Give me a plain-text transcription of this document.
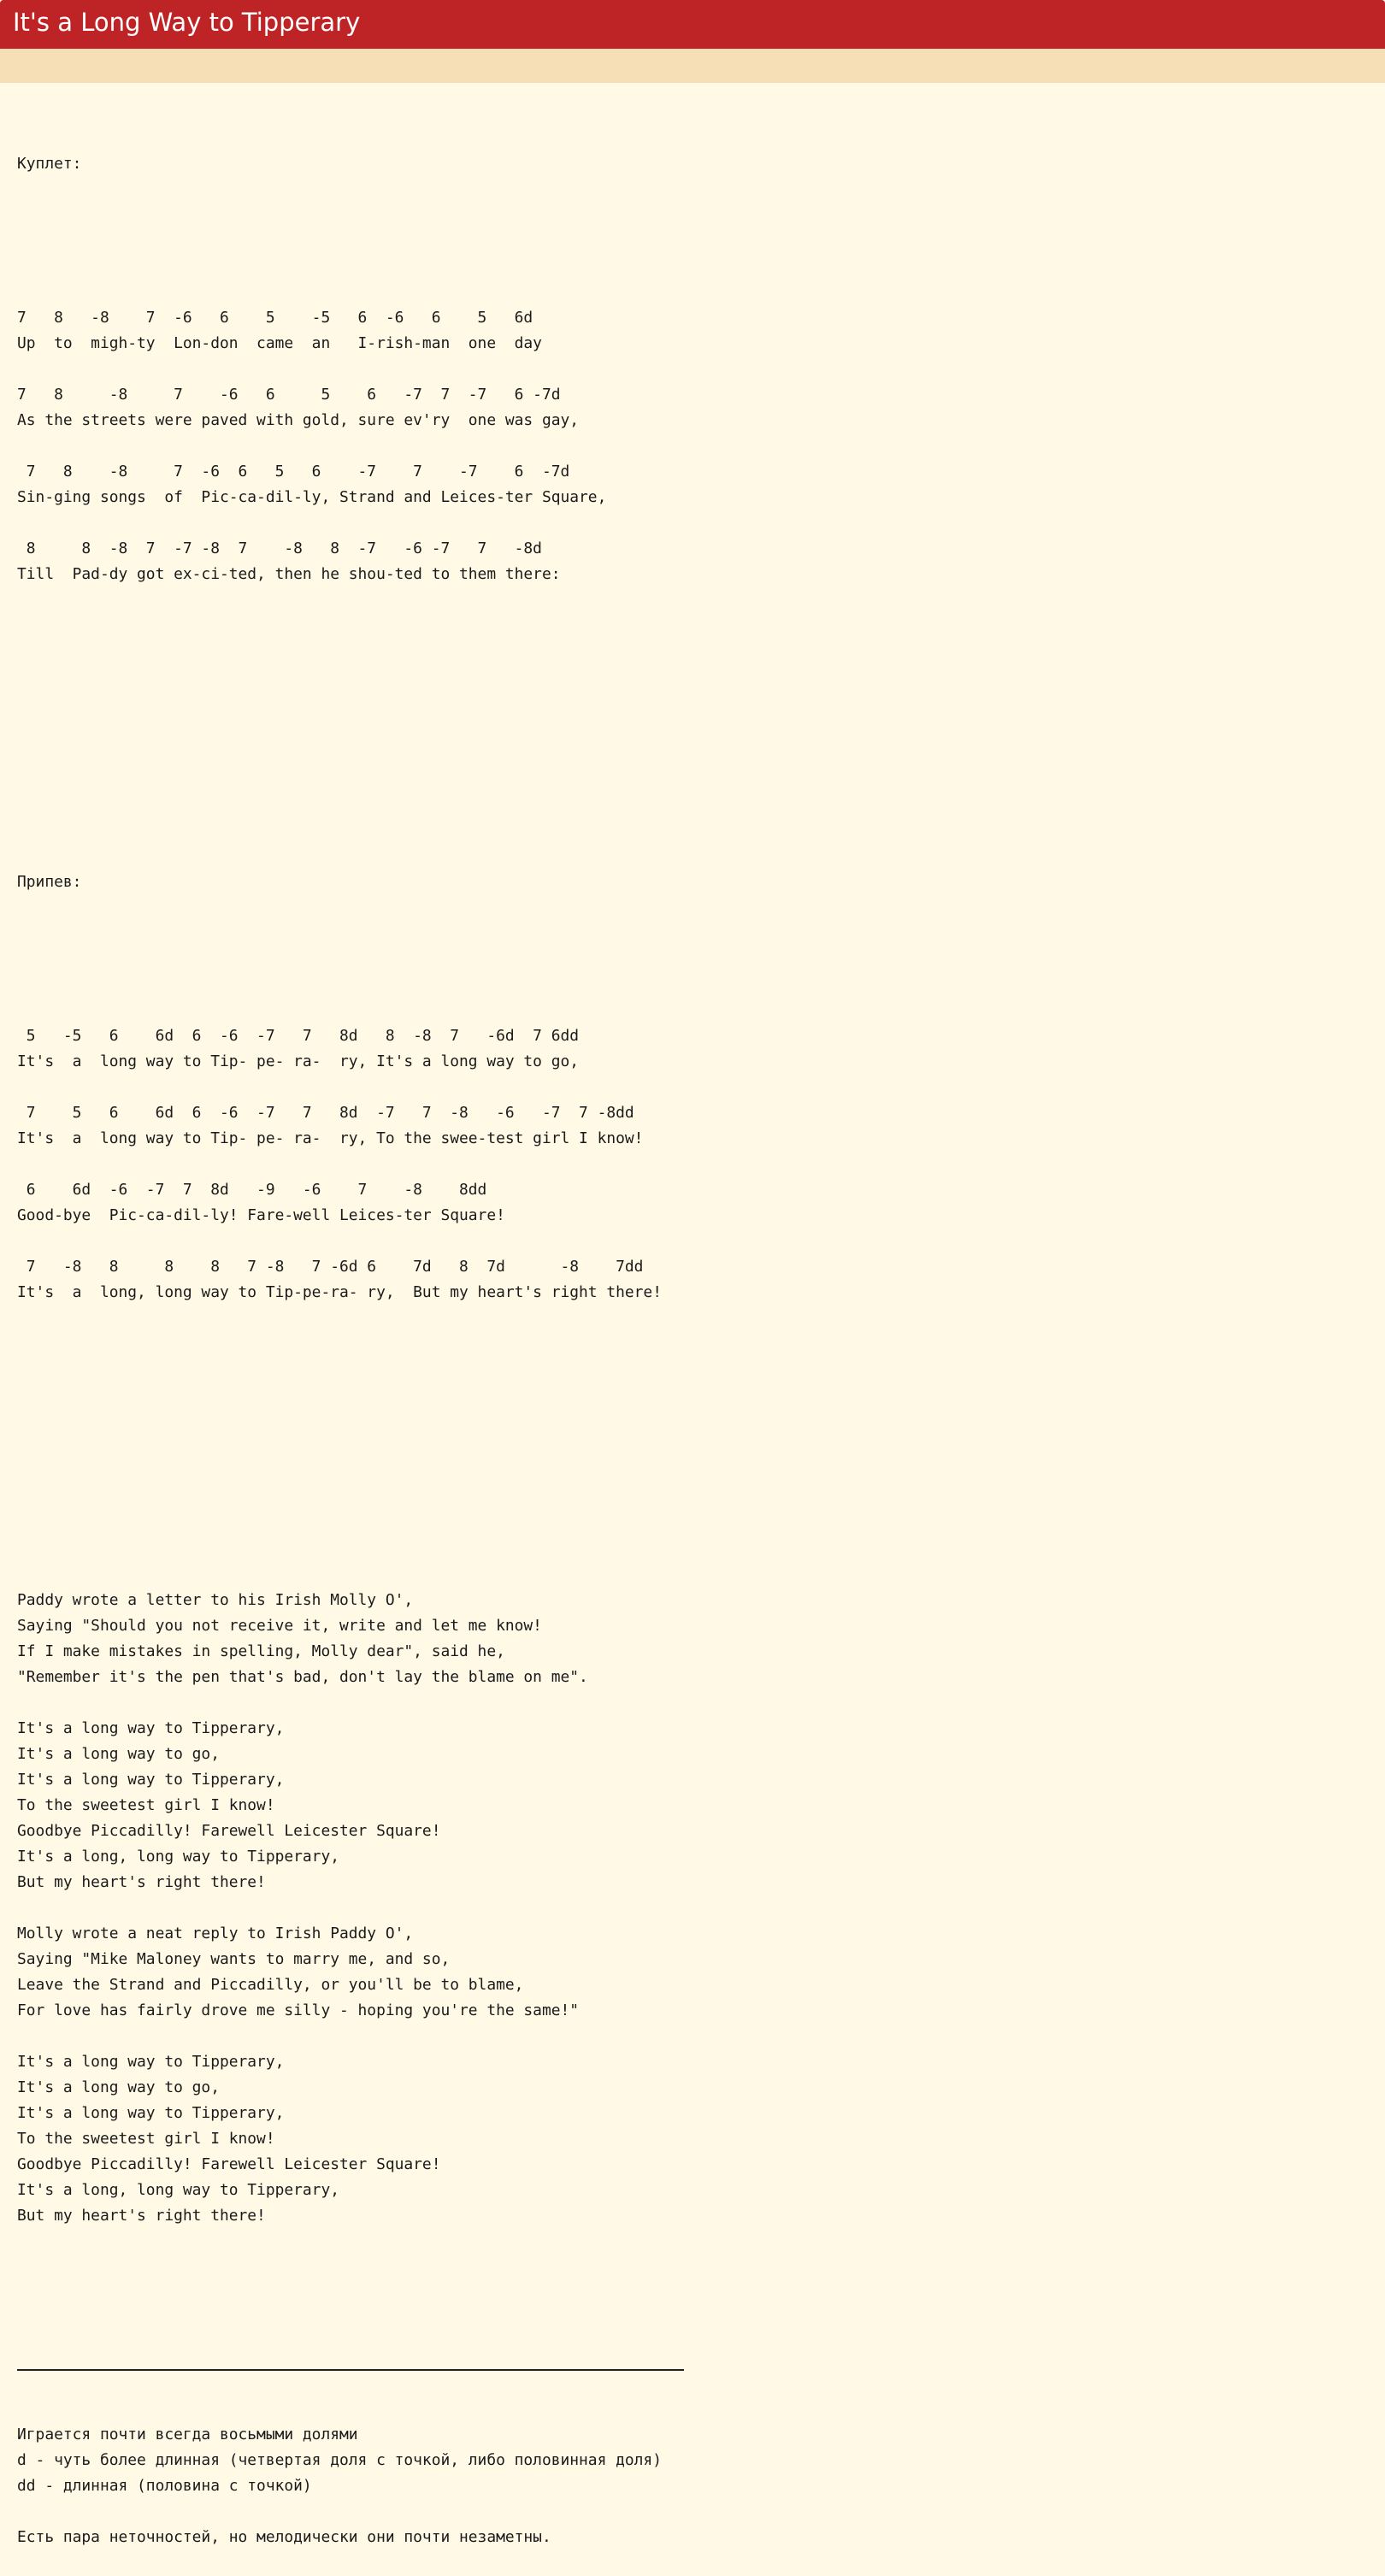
It's a Long Way to Tipperary

Куплет:

7   8   -8    7  -6   6    5    -5   6  -6   6    5   6d
Up  to  migh-ty  Lon-don  came  an   I-rish-man  one  day
7   8     -8     7    -6   6     5    6   -7  7  -7   6 -7d
As the streets were paved with gold, sure ev'ry  one was gay,
7   8    -8     7  -6  6   5   6    -7    7    -7    6  -7d
Sin-ging songs  of  Pic-ca-dil-ly, Strand and Leices-ter Square,
8     8  -8  7  -7 -8  7    -8   8  -7   -6 -7   7   -8d
Till  Pad-dy got ex-ci-ted, then he shou-ted to them there:

Припев:

5   -5   6    6d  6  -6  -7   7   8d   8  -8  7   -6d  7 6dd
It's  a  long way to Tip- pe- ra-  ry, It's a long way to go,
7    5   6    6d  6  -6  -7   7   8d  -7   7  -8   -6   -7  7 -8dd
It's  a  long way to Tip- pe- ra-  ry, To the swee-test girl I know!
6    6d  -6  -7  7  8d   -9   -6    7    -8    8dd
Good-bye  Pic-ca-dil-ly! Fare-well Leices-ter Square!
7   -8   8     8    8   7 -8   7 -6d 6    7d   8  7d      -8    7dd
It's  a  long, long way to Tip-pe-ra- ry,  But my heart's right there!

Paddy wrote a letter to his Irish Molly O',
Saying "Should you not receive it, write and let me know!
If I make mistakes in spelling, Molly dear", said he,
"Remember it's the pen that's bad, don't lay the blame on me".
It's a long way to Tipperary,
It's a long way to go,
It's a long way to Tipperary,
To the sweetest girl I know!
Goodbye Piccadilly! Farewell Leicester Square!
It's a long, long way to Tipperary,
But my heart's right there!
Molly wrote a neat reply to Irish Paddy O',
Saying "Mike Maloney wants to marry me, and so,
Leave the Strand and Piccadilly, or you'll be to blame,
For love has fairly drove me silly - hoping you're the same!"
It's a long way to Tipperary,
It's a long way to go,
It's a long way to Tipperary,
To the sweetest girl I know!
Goodbye Piccadilly! Farewell Leicester Square!
It's a long, long way to Tipperary,
But my heart's right there!

Играется почти всегда восьмыми долями
d - чуть более длинная (четвертая доля с точкой, либо половинная доля)
dd - длинная (половина с точкой)
Есть пара неточностей, но мелодически они почти незаметны.
